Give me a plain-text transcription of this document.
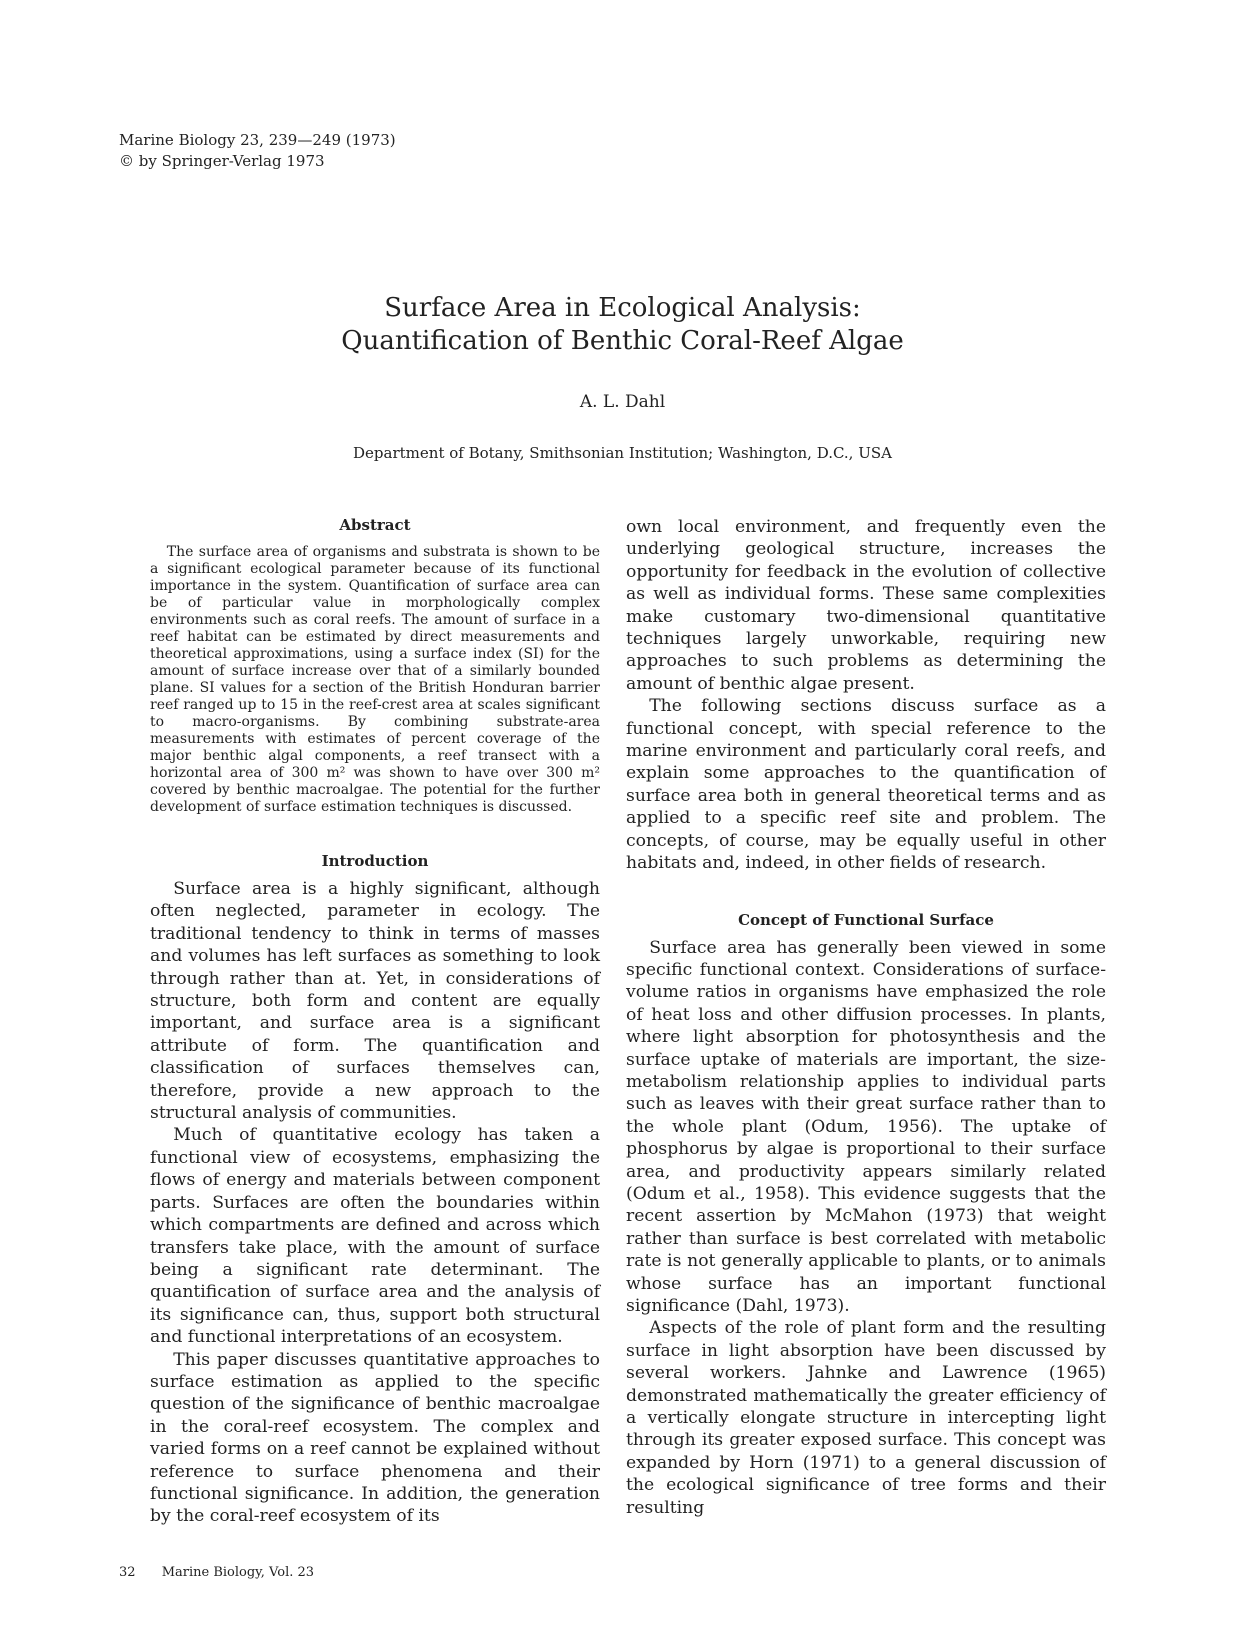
Marine Biology 23, 239—249 (1973)
© by Springer-Verlag 1973
Surface Area in Ecological Analysis:
Quantification of Benthic Coral-Reef Algae
A. L. Dahl
Department of Botany, Smithsonian Institution; Washington, D.C., USA
Abstract

The surface area of organisms and substrata is shown to be a significant ecological parameter because of its functional importance in the system. Quantification of surface area can be of particular value in morphologically complex environments such as coral reefs. The amount of surface in a reef habitat can be estimated by direct measurements and theoretical approximations, using a surface index (SI) for the amount of surface increase over that of a similarly bounded plane. SI values for a section of the British Honduran barrier reef ranged up to 15 in the reef-crest area at scales significant to macro-organisms. By combining substrate-area measurements with estimates of percent coverage of the major benthic algal components, a reef transect with a horizontal area of 300 m² was shown to have over 300 m² covered by benthic macroalgae. The potential for the further development of surface estimation techniques is discussed.

Introduction

Surface area is a highly significant, although often neglected, parameter in ecology. The traditional tendency to think in terms of masses and volumes has left surfaces as something to look through rather than at. Yet, in considerations of structure, both form and content are equally important, and surface area is a significant attribute of form. The quantification and classification of surfaces themselves can, therefore, provide a new approach to the structural analysis of communities.

Much of quantitative ecology has taken a functional view of ecosystems, emphasizing the flows of energy and materials between component parts. Surfaces are often the boundaries within which compartments are defined and across which transfers take place, with the amount of surface being a significant rate determinant. The quantification of surface area and the analysis of its significance can, thus, support both structural and functional interpretations of an ecosystem.

This paper discusses quantitative approaches to surface estimation as applied to the specific question of the significance of benthic macroalgae in the coral-reef ecosystem. The complex and varied forms on a reef cannot be explained without reference to surface phenomena and their functional significance. In addition, the generation by the coral-reef ecosystem of its

own local environment, and frequently even the underlying geological structure, increases the opportunity for feedback in the evolution of collective as well as individual forms. These same complexities make customary two-dimensional quantitative techniques largely unworkable, requiring new approaches to such problems as determining the amount of benthic algae present.

The following sections discuss surface as a functional concept, with special reference to the marine environment and particularly coral reefs, and explain some approaches to the quantification of surface area both in general theoretical terms and as applied to a specific reef site and problem. The concepts, of course, may be equally useful in other habitats and, indeed, in other fields of research.

Concept of Functional Surface

Surface area has generally been viewed in some specific functional context. Considerations of surface-volume ratios in organisms have emphasized the role of heat loss and other diffusion processes. In plants, where light absorption for photosynthesis and the surface uptake of materials are important, the size-metabolism relationship applies to individual parts such as leaves with their great surface rather than to the whole plant (Odum, 1956). The uptake of phosphorus by algae is proportional to their surface area, and productivity appears similarly related (Odum et al., 1958). This evidence suggests that the recent assertion by McMahon (1973) that weight rather than surface is best correlated with metabolic rate is not generally applicable to plants, or to animals whose surface has an important functional significance (Dahl, 1973).

Aspects of the role of plant form and the resulting surface in light absorption have been discussed by several workers. Jahnke and Lawrence (1965) demonstrated mathematically the greater efficiency of a vertically elongate structure in intercepting light through its greater exposed surface. This concept was expanded by Horn (1971) to a general discussion of the ecological significance of tree forms and their resulting

32 Marine Biology, Vol. 23
